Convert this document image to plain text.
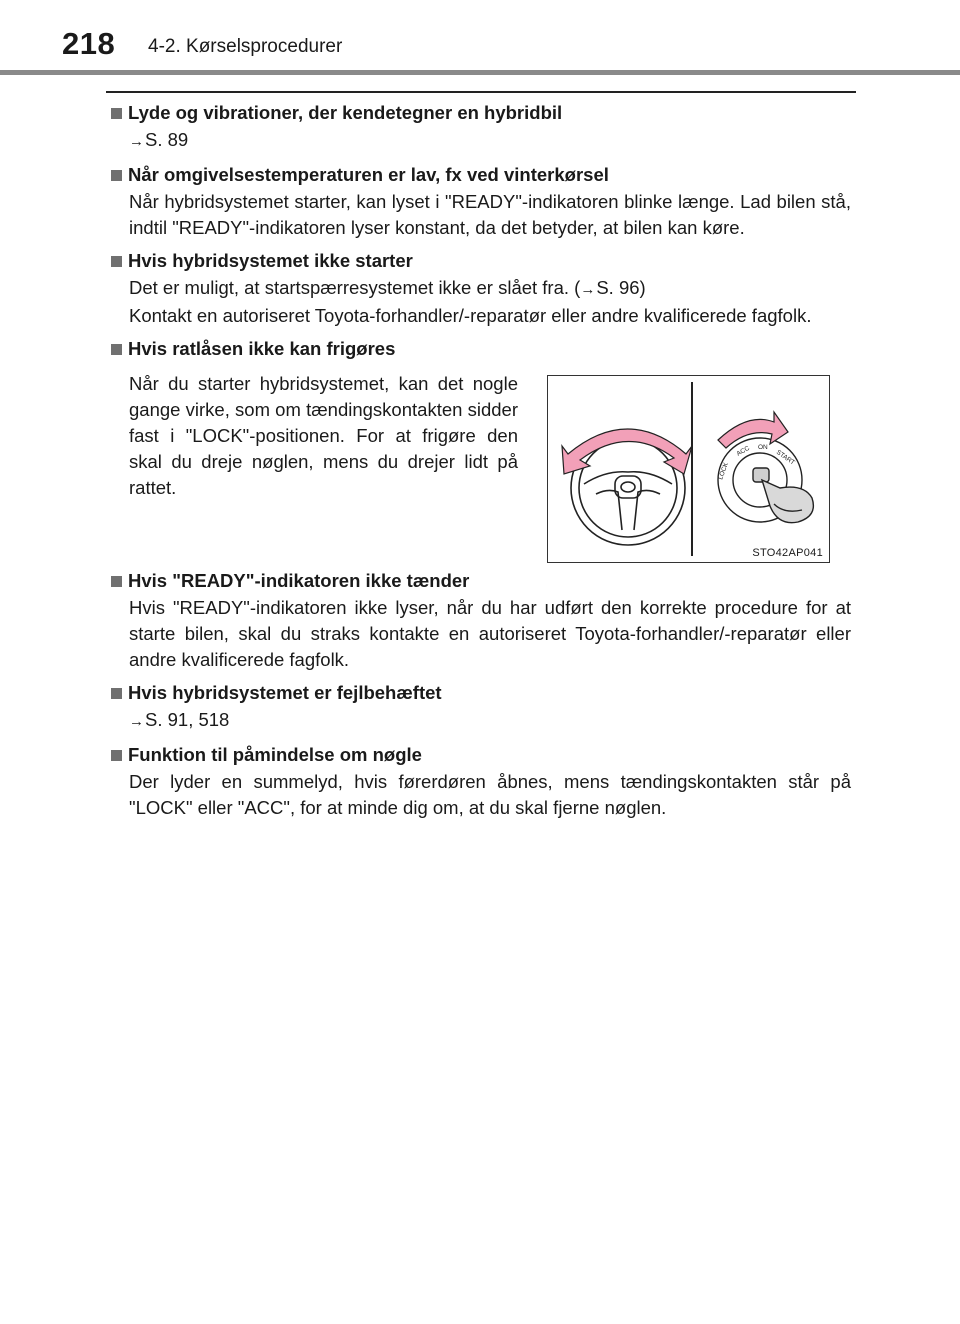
218 4-2. Kørselsprocedurer
Lyde og vibrationer, der kendetegner en hybridbil
→S. 89
Når omgivelsestemperaturen er lav, fx ved vinterkørsel
Når hybridsystemet starter, kan lyset i "READY"-indikatoren blinke længe. Lad bilen stå, indtil "READY"-indikatoren lyser konstant, da det betyder, at bilen kan køre.
Hvis hybridsystemet ikke starter
Det er muligt, at startspærresystemet ikke er slået fra. (→S. 96)
Kontakt en autoriseret Toyota-forhandler/-reparatør eller andre kvalificerede fagfolk.
Hvis ratlåsen ikke kan frigøres
Når du starter hybridsystemet, kan det nogle gange virke, som om tændingskontakten sidder fast i "LOCK"-positionen. For at frigøre den skal du dreje nøglen, mens du drejer lidt på rattet.
LOCK
ACC ON
START
STO42AP041
Hvis "READY"-indikatoren ikke tænder
Hvis "READY"-indikatoren ikke lyser, når du har udført den korrekte procedure for at starte bilen, skal du straks kontakte en autoriseret Toyota-forhandler/-reparatør eller andre kvalificerede fagfolk.
Hvis hybridsystemet er fejlbehæftet
→S. 91, 518
Funktion til påmindelse om nøgle
Der lyder en summelyd, hvis førerdøren åbnes, mens tændingskontakten står på "LOCK" eller "ACC", for at minde dig om, at du skal fjerne nøglen.
